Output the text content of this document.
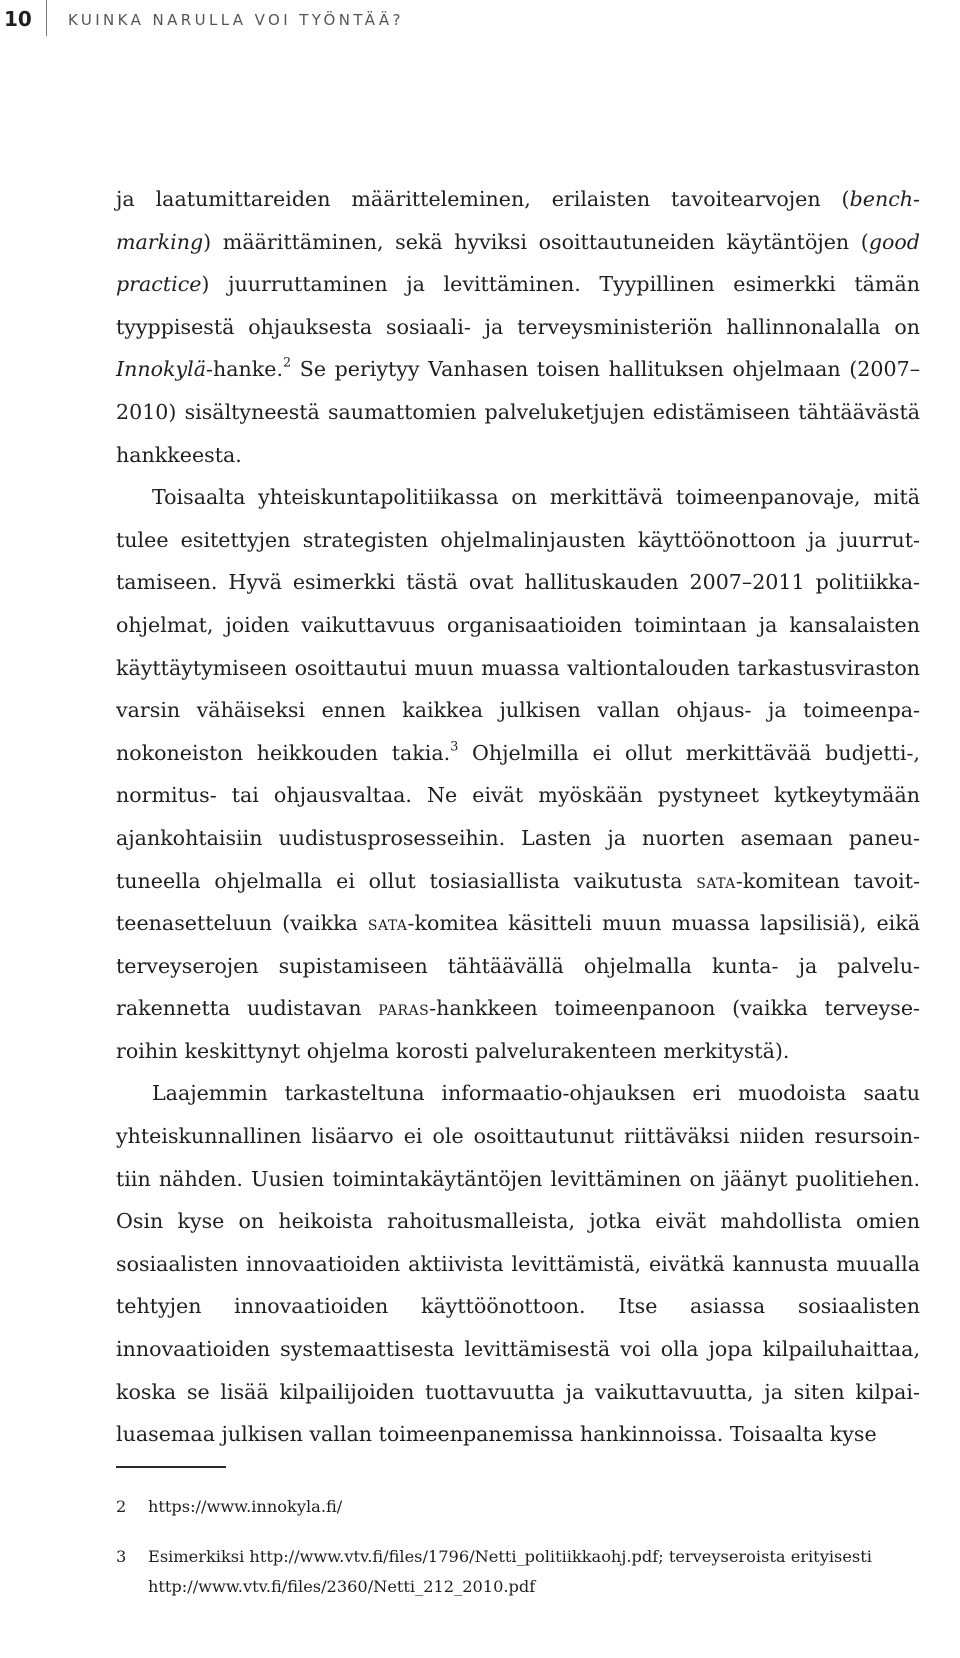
10 KUINKA NARULLA VOI TYÖNTÄÄ?

ja laatumittareiden määritteleminen, erilaisten tavoitearvojen (benchmarking) määrittäminen, sekä hyviksi osoittautuneiden käytäntöjen (good practice) juurruttaminen ja levittäminen. Tyypillinen esimerkki tämän tyyppisestä ohjauksesta sosiaali- ja terveysministeriön hallinnonalalla on Innokylä-hanke.$^2$ Se periytyy Vanhasen toisen hallituksen ohjelmaan (2007–2010) sisältyneestä saumattomien palveluketjujen edistämiseen tähtäävästä hankkeesta.

Toisaalta yhteiskuntapolitiikassa on merkittävä toimeenpanovaje, mitä tulee esitettyjen strategisten ohjelmalinjausten käyttöönottoon ja juurruttamiseen. Hyvä esimerkki tästä ovat hallituskauden 2007–2011 politiikkaohjelmat, joiden vaikuttavuus organisaatioiden toimintaan ja kansalaisten käyttäytymiseen osoittautui muun muassa valtiontalouden tarkastusviraston varsin vähäiseksi ennen kaikkea julkisen vallan ohjaus- ja toimeenpanokoneiston heikkouden takia.$^3$ Ohjelmilla ei ollut merkittävää budjetti-, normitus- tai ohjausvaltaa. Ne eivät myöskään pystyneet kytkeytymään ajankohtaisiin uudistusprosesseihin. Lasten ja nuorten asemaan paneutuneella ohjelmalla ei ollut tosiasiallista vaikutusta sata-komitean tavoitteenasetteluun (vaikka sata-komitea käsitteli muun muassa lapsilisiä), eikä terveyserojen supistamiseen tähtäävällä ohjelmalla kunta- ja palvelurakennetta uudistavan paras-hankkeen toimeenpanoon (vaikka terveyseroihin keskittynyt ohjelma korosti palvelurakenteen merkitystä).

Laajemmin tarkasteltuna informaatio-ohjauksen eri muodoista saatu yhteiskunnallinen lisäarvo ei ole osoittautunut riittäväksi niiden resursointiin nähden. Uusien toimintakäytäntöjen levittäminen on jäänyt puolitiehen. Osin kyse on heikoista rahoitusmalleista, jotka eivät mahdollista omien sosiaalisten innovaatioiden aktiivista levittämistä, eivätkä kannusta muualla tehtyjen innovaatioiden käyttöönottoon. Itse asiassa sosiaalisten innovaatioiden systemaattisesta levittämisestä voi olla jopa kilpailuhaittaa, koska se lisää kilpailijoiden tuottavuutta ja vaikuttavuutta, ja siten kilpailuasemaa julkisen vallan toimeenpanemissa hankinnoissa. Toisaalta kyse

2 https://www.innokyla.fi/
3 Esimerkiksi http://www.vtv.fi/files/1796/Netti_politiikkaohj.pdf; terveyseroista erityisesti http://www.vtv.fi/files/2360/Netti_212_2010.pdf
